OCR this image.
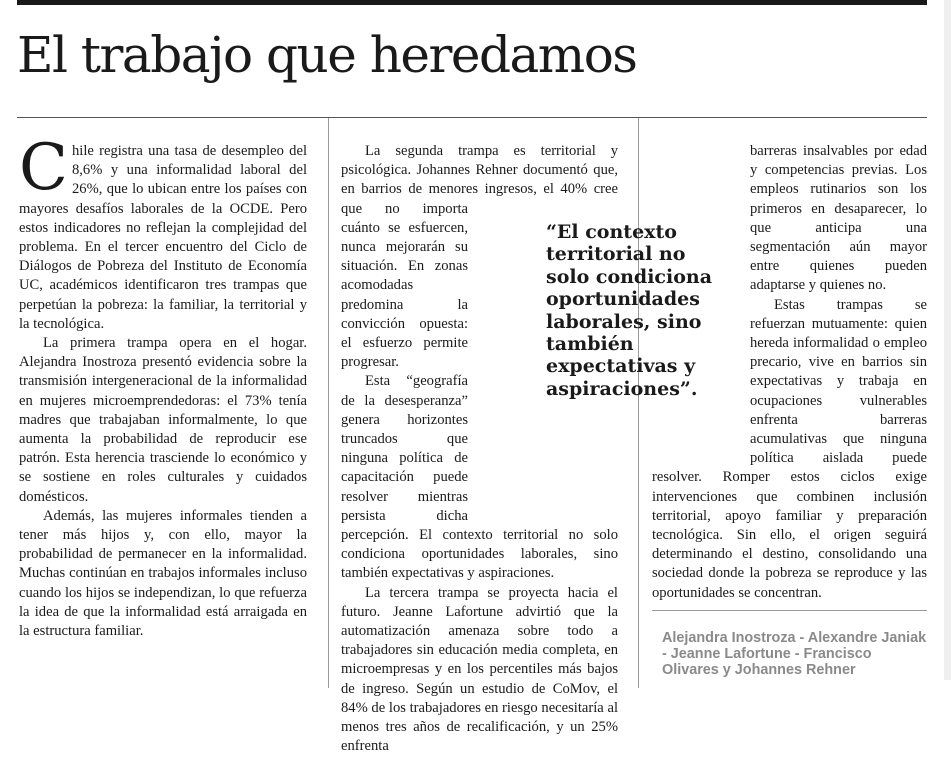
El trabajo que heredamos
C hile registra una tasa de desempleo del 8,6% y una informalidad laboral del 26%, que lo ubican entre los países con mayores desafíos laborales de la OCDE. Pero estos indicadores no reflejan la complejidad del problema. En el tercer encuentro del Ciclo de Diálogos de Pobreza del Instituto de Economía UC, académicos identificaron tres trampas que perpetúan la pobreza: la familiar, la territorial y la tecnológica.

La primera trampa opera en el hogar. Alejandra Inostroza presentó evidencia sobre la transmisión intergeneracional de la informalidad en mujeres microemprendedoras: el 73% tenía madres que trabajaban informalmente, lo que aumenta la probabilidad de reproducir ese patrón. Esta herencia trasciende lo económico y se sostiene en roles culturales y cuidados domésticos.

Además, las mujeres informales tienden a tener más hijos y, con ello, mayor la probabilidad de permanecer en la informalidad. Muchas continúan en trabajos informales incluso cuando los hijos se independizan, lo que refuerza la idea de que la informalidad está arraigada en la estructura familiar.

La segunda trampa es territorial y psicológica. Johannes Rehner documentó que, en barrios de menores ingresos, el 40% cree que no importa cuánto se esfuercen, nunca mejorarán su situación. En zonas acomodadas predomina la convicción opuesta: el esfuerzo permite progresar.

Esta “geografía de la desesperanza” genera horizontes truncados que ninguna política de capacitación puede resolver mientras persista dicha percepción. El contexto territorial no solo condiciona oportunidades laborales, sino también expectativas y aspiraciones.

La tercera trampa se proyecta hacia el futuro. Jeanne Lafortune advirtió que la automatización amenaza sobre todo a trabajadores sin educación media completa, en microempresas y en los percentiles más bajos de ingreso. Según un estudio de CoMov, el 84% de los trabajadores en riesgo necesitaría al menos tres años de recalificación, y un 25% enfrenta

barreras insalvables por edad y competencias previas. Los empleos rutinarios son los primeros en desaparecer, lo que anticipa una segmentación aún mayor entre quienes pueden adaptarse y quienes no.

Estas trampas se refuerzan mutuamente: quien hereda informalidad o empleo precario, vive en barrios sin expectativas y trabaja en ocupaciones vulnerables enfrenta barreras acumulativas que ninguna política aislada puede resolver. Romper estos ciclos exige intervenciones que combinen inclusión territorial, apoyo familiar y preparación tecnológica. Sin ello, el origen seguirá determinando el destino, consolidando una sociedad donde la pobreza se reproduce y las oportunidades se concentran.

“El contexto territorial no solo condiciona oportunidades laborales, sino también expectativas y aspiraciones”.

Alejandra Inostroza - Alexandre Janiak - Jeanne Lafortune - Francisco Olivares y Johannes Rehner
